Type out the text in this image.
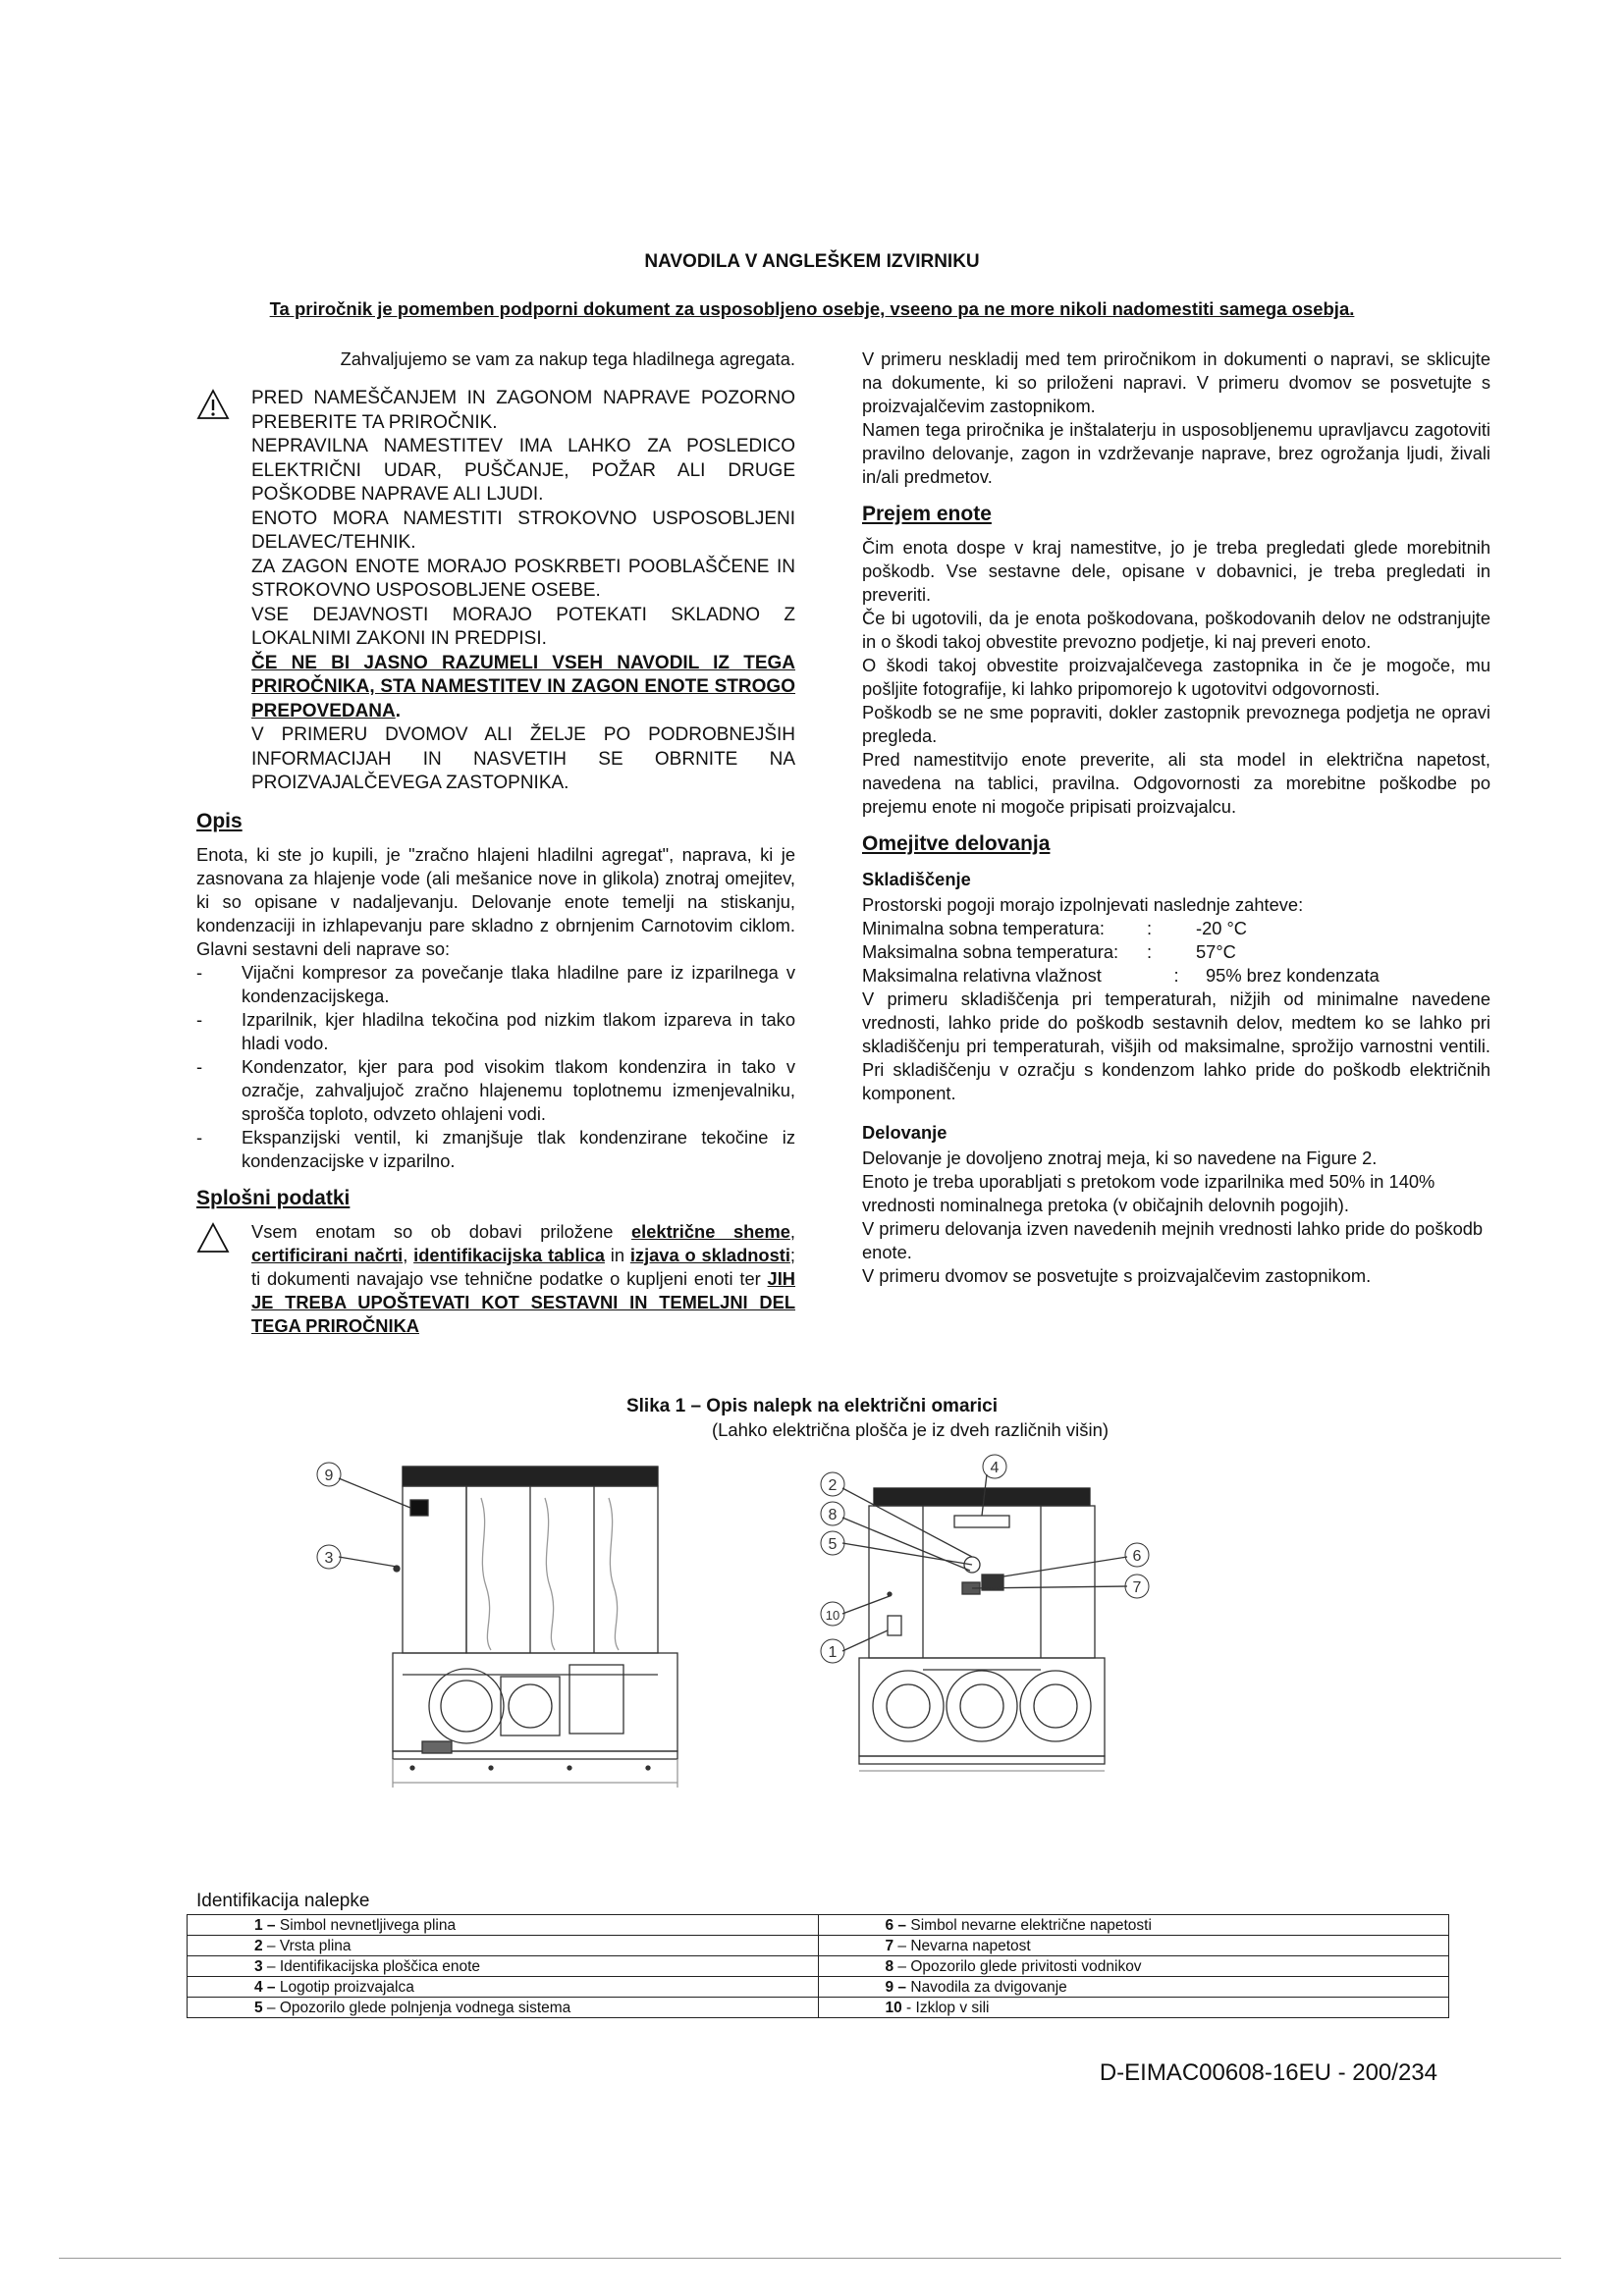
NAVODILA V ANGLEŠKEM IZVIRNIKU
Ta priročnik je pomemben podporni dokument za usposobljeno osebje, vseeno pa ne more nikoli nadomestiti samega osebja.

Zahvaljujemo se vam za nakup tega hladilnega agregata.

PRED NAMEŠČANJEM IN ZAGONOM NAPRAVE POZORNO PREBERITE TA PRIROČNIK.

NEPRAVILNA NAMESTITEV IMA LAHKO ZA POSLEDICO ELEKTRIČNI UDAR, PUŠČANJE, POŽAR ALI DRUGE POŠKODBE NAPRAVE ALI LJUDI.

ENOTO MORA NAMESTITI STROKOVNO USPOSOBLJENI DELAVEC/TEHNIK.

ZA ZAGON ENOTE MORAJO POSKRBETI POOBLAŠČENE IN STROKOVNO USPOSOBLJENE OSEBE.

VSE DEJAVNOSTI MORAJO POTEKATI SKLADNO Z LOKALNIMI ZAKONI IN PREDPISI.

ČE NE BI JASNO RAZUMELI VSEH NAVODIL IZ TEGA PRIROČNIKA, STA NAMESTITEV IN ZAGON ENOTE STROGO PREPOVEDANA.

V PRIMERU DVOMOV ALI ŽELJE PO PODROBNEJŠIH INFORMACIJAH IN NASVETIH SE OBRNITE NA PROIZVAJALČEVEGA ZASTOPNIKA.

Opis

Enota, ki ste jo kupili, je "zračno hlajeni hladilni agregat", naprava, ki je zasnovana za hlajenje vode (ali mešanice nove in glikola) znotraj omejitev, ki so opisane v nadaljevanju. Delovanje enote temelji na stiskanju, kondenzaciji in izhlapevanju pare skladno z obrnjenim Carnotovim ciklom. Glavni sestavni deli naprave so:

- Vijačni kompresor za povečanje tlaka hladilne pare iz izparilnega v kondenzacijskega.
- Izparilnik, kjer hladilna tekočina pod nizkim tlakom izpareva in tako hladi vodo.
- Kondenzator, kjer para pod visokim tlakom kondenzira in tako v ozračje, zahvaljujoč zračno hlajenemu toplotnemu izmenjevalniku, sprošča toploto, odvzeto ohlajeni vodi.
- Ekspanzijski ventil, ki zmanjšuje tlak kondenzirane tekočine iz kondenzacijske v izparilno.
Splošni podatki

Vsem enotam so ob dobavi priložene električne sheme, certificirani načrti, identifikacijska tablica in izjava o skladnosti; ti dokumenti navajajo vse tehnične podatke o kupljeni enoti ter JIH JE TREBA UPOŠTEVATI KOT SESTAVNI IN TEMELJNI DEL TEGA PRIROČNIKA

V primeru neskladij med tem priročnikom in dokumenti o napravi, se sklicujte na dokumente, ki so priloženi napravi. V primeru dvomov se posvetujte s proizvajalčevim zastopnikom.

Namen tega priročnika je inštalaterju in usposobljenemu upravljavcu zagotoviti pravilno delovanje, zagon in vzdrževanje naprave, brez ogrožanja ljudi, živali in/ali predmetov.

Prejem enote

Čim enota dospe v kraj namestitve, jo je treba pregledati glede morebitnih poškodb. Vse sestavne dele, opisane v dobavnici, je treba pregledati in preveriti.

Če bi ugotovili, da je enota poškodovana, poškodovanih delov ne odstranjujte in o škodi takoj obvestite prevozno podjetje, ki naj preveri enoto.

O škodi takoj obvestite proizvajalčevega zastopnika in če je mogoče, mu pošljite fotografije, ki lahko pripomorejo k ugotovitvi odgovornosti.

Poškodb se ne sme popraviti, dokler zastopnik prevoznega podjetja ne opravi pregleda.

Pred namestitvijo enote preverite, ali sta model in električna napetost, navedena na tablici, pravilna. Odgovornosti za morebitne poškodbe po prejemu enote ni mogoče pripisati proizvajalcu.

Omejitve delovanja
Skladiščenje

Prostorski pogoji morajo izpolnjevati naslednje zahteve:

Minimalna sobna temperatura:	:	-20 °C
Maksimalna sobna temperatura:	:	57°C
Maksimalna relativna vlažnost	:	95% brez kondenzata

V primeru skladiščenja pri temperaturah, nižjih od minimalne navedene vrednosti, lahko pride do poškodb sestavnih delov, medtem ko se lahko pri skladiščenju pri temperaturah, višjih od maksimalne, sprožijo varnostni ventili. Pri skladiščenju v ozračju s kondenzom lahko pride do poškodb električnih komponent.

Delovanje

Delovanje je dovoljeno znotraj meja, ki so navedene na Figure 2.

Enoto je treba uporabljati s pretokom vode izparilnika med 50% in 140% vrednosti nominalnega pretoka (v običajnih delovnih pogojih).

V primeru delovanja izven navedenih mejnih vrednosti lahko pride do poškodb enote.

V primeru dvomov se posvetujte s proizvajalčevim zastopnikom.

Slika 1 – Opis nalepk na električni omarici
(Lahko električna plošča je iz dveh različnih višin)
9
3
4
2
8
5
6
7
10
1
Identifikacija nalepke
1 – Simbol nevnetljivega plina	6 – Simbol nevarne električne napetosti
2 – Vrsta plina	7 – Nevarna napetost
3 – Identifikacijska ploščica enote	8 – Opozorilo glede privitosti vodnikov
4 – Logotip proizvajalca	9 – Navodila za dvigovanje
5 – Opozorilo glede polnjenja vodnega sistema	10 - Izklop v sili
D-EIMAC00608-16EU - 200/234
